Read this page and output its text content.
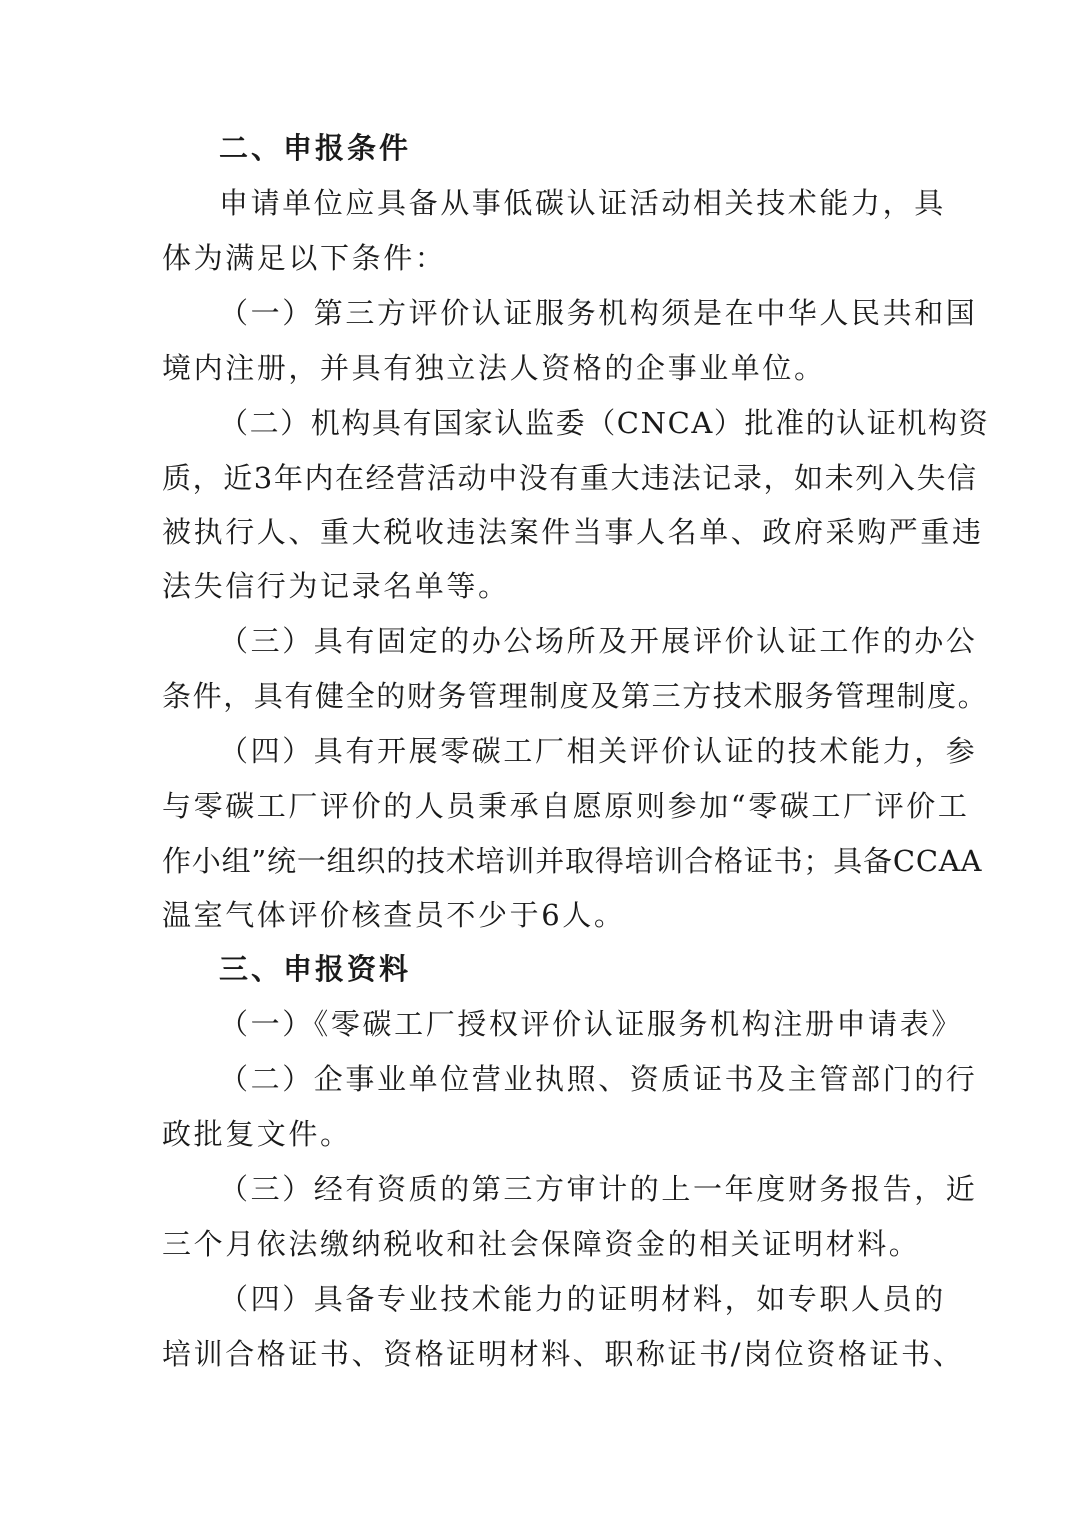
二、申报条件

申请单位应具备从事低碳认证活动相关技术能力，具

体为满足以下条件：

（一）第三方评价认证服务机构须是在中华人民共和国

境内注册，并具有独立法人资格的企事业单位。

（二）机构具有国家认监委（CNCA）批准的认证机构资

质，近3年内在经营活动中没有重大违法记录，如未列入失信

被执行人、重大税收违法案件当事人名单、政府采购严重违

法失信行为记录名单等。

（三）具有固定的办公场所及开展评价认证工作的办公

条件，具有健全的财务管理制度及第三方技术服务管理制度。

（四）具有开展零碳工厂相关评价认证的技术能力，参

与零碳工厂评价的人员秉承自愿原则参加“零碳工厂评价工

作小组”统一组织的技术培训并取得培训合格证书；具备CCAA

温室气体评价核查员不少于6人。

三、申报资料

（一）《零碳工厂授权评价认证服务机构注册申请表》

（二）企事业单位营业执照、资质证书及主管部门的行

政批复文件。

（三）经有资质的第三方审计的上一年度财务报告，近

三个月依法缴纳税收和社会保障资金的相关证明材料。

（四）具备专业技术能力的证明材料，如专职人员的

培训合格证书、资格证明材料、职称证书/岗位资格证书、
